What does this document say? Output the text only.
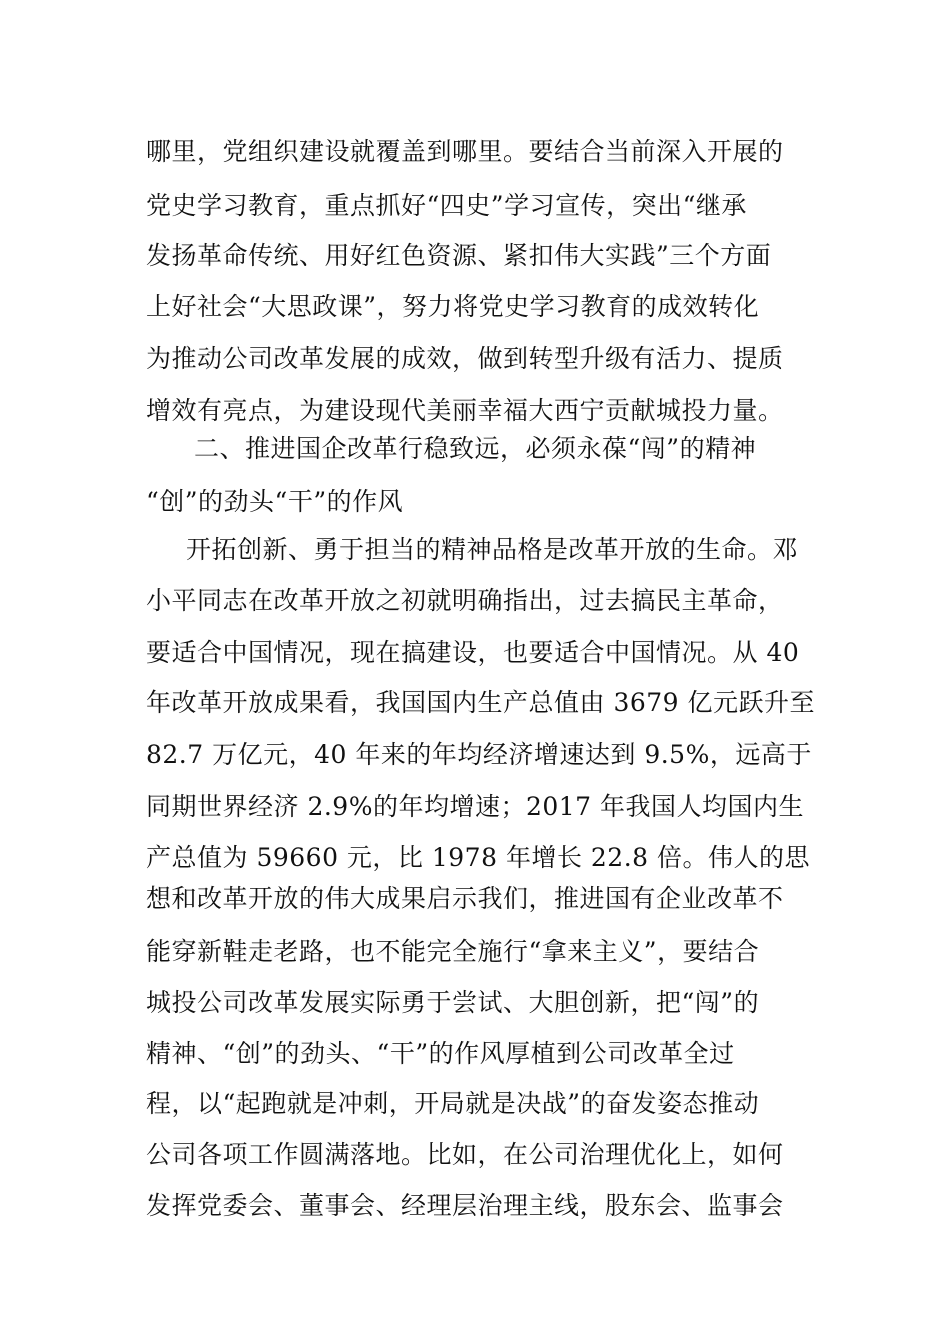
哪里，党组织建设就覆盖到哪里。要结合当前深入开展的
党史学习教育，重点抓好“四史”学习宣传，突出“继承
发扬革命传统、用好红色资源、紧扣伟大实践”三个方面
上好社会“大思政课”，努力将党史学习教育的成效转化
为推动公司改革发展的成效，做到转型升级有活力、提质
增效有亮点，为建设现代美丽幸福大西宁贡献城投力量。
二、推进国企改革行稳致远，必须永葆“闯”的精神
“创”的劲头“干”的作风
开拓创新、勇于担当的精神品格是改革开放的生命。邓
小平同志在改革开放之初就明确指出，过去搞民主革命，
要适合中国情况，现在搞建设，也要适合中国情况。从 40
年改革开放成果看，我国国内生产总值由 3679 亿元跃升至
82.7 万亿元，40 年来的年均经济增速达到 9.5%，远高于
同期世界经济 2.9%的年均增速；2017 年我国人均国内生
产总值为 59660 元，比 1978 年增长 22.8 倍。伟人的思
想和改革开放的伟大成果启示我们，推进国有企业改革不
能穿新鞋走老路，也不能完全施行“拿来主义”，要结合
城投公司改革发展实际勇于尝试、大胆创新，把“闯”的
精神、“创”的劲头、“干”的作风厚植到公司改革全过
程，以“起跑就是冲刺，开局就是决战”的奋发姿态推动
公司各项工作圆满落地。比如，在公司治理优化上，如何
发挥党委会、董事会、经理层治理主线，股东会、监事会
